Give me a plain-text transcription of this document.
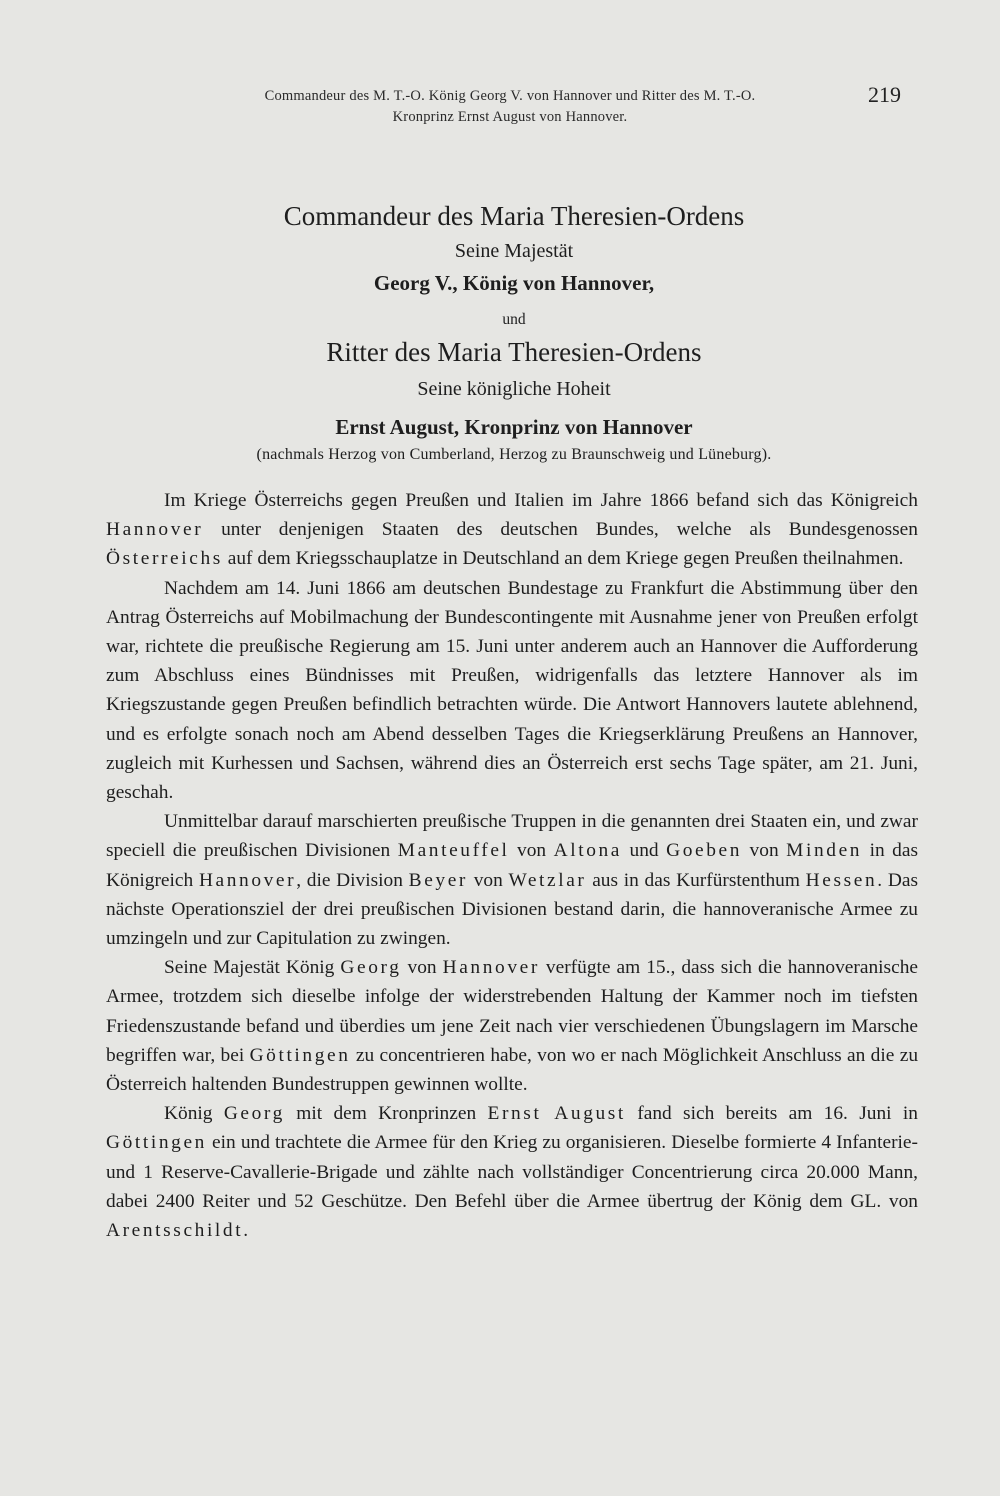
Commandeur des M. T.-O. König Georg V. von Hannover und Ritter des M. T.-O.
Kronprinz Ernst August von Hannover.
219
Commandeur des Maria Theresien-Ordens
Seine Majestät
Georg V., König von Hannover,
und
Ritter des Maria Theresien-Ordens
Seine königliche Hoheit
Ernst August, Kronprinz von Hannover
(nachmals Herzog von Cumberland, Herzog zu Braunschweig und Lüneburg).

Im Kriege Österreichs gegen Preußen und Italien im Jahre 1866 befand sich das Königreich Hannover unter denjenigen Staaten des deutschen Bundes, welche als Bundesgenossen Österreichs auf dem Kriegsschauplatze in Deutschland an dem Kriege gegen Preußen theilnahmen.

Nachdem am 14. Juni 1866 am deutschen Bundestage zu Frankfurt die Abstimmung über den Antrag Österreichs auf Mobilmachung der Bundescontingente mit Ausnahme jener von Preußen erfolgt war, richtete die preußische Regierung am 15. Juni unter anderem auch an Hannover die Aufforderung zum Abschluss eines Bündnisses mit Preußen, widrigenfalls das letztere Hannover als im Kriegszustande gegen Preußen befindlich betrachten würde. Die Antwort Hannovers lautete ablehnend, und es erfolgte sonach noch am Abend desselben Tages die Kriegserklärung Preußens an Hannover, zugleich mit Kurhessen und Sachsen, während dies an Österreich erst sechs Tage später, am 21. Juni, geschah.

Unmittelbar darauf marschierten preußische Truppen in die genannten drei Staaten ein, und zwar speciell die preußischen Divisionen Manteuffel von Altona und Goeben von Minden in das Königreich Hannover, die Division Beyer von Wetzlar aus in das Kurfürstenthum Hessen. Das nächste Operationsziel der drei preußischen Divisionen bestand darin, die hannoveranische Armee zu umzingeln und zur Capitulation zu zwingen.

Seine Majestät König Georg von Hannover verfügte am 15., dass sich die hannoveranische Armee, trotzdem sich dieselbe infolge der widerstrebenden Haltung der Kammer noch im tiefsten Friedenszustande befand und überdies um jene Zeit nach vier verschiedenen Übungslagern im Marsche begriffen war, bei Göttingen zu concentrieren habe, von wo er nach Möglichkeit Anschluss an die zu Österreich haltenden Bundestruppen gewinnen wollte.

König Georg mit dem Kronprinzen Ernst August fand sich bereits am 16. Juni in Göttingen ein und trachtete die Armee für den Krieg zu organisieren. Dieselbe formierte 4 Infanterie- und 1 Reserve-Cavallerie-Brigade und zählte nach vollständiger Concentrierung circa 20.000 Mann, dabei 2400 Reiter und 52 Geschütze. Den Befehl über die Armee übertrug der König dem GL. von Arentsschildt.
